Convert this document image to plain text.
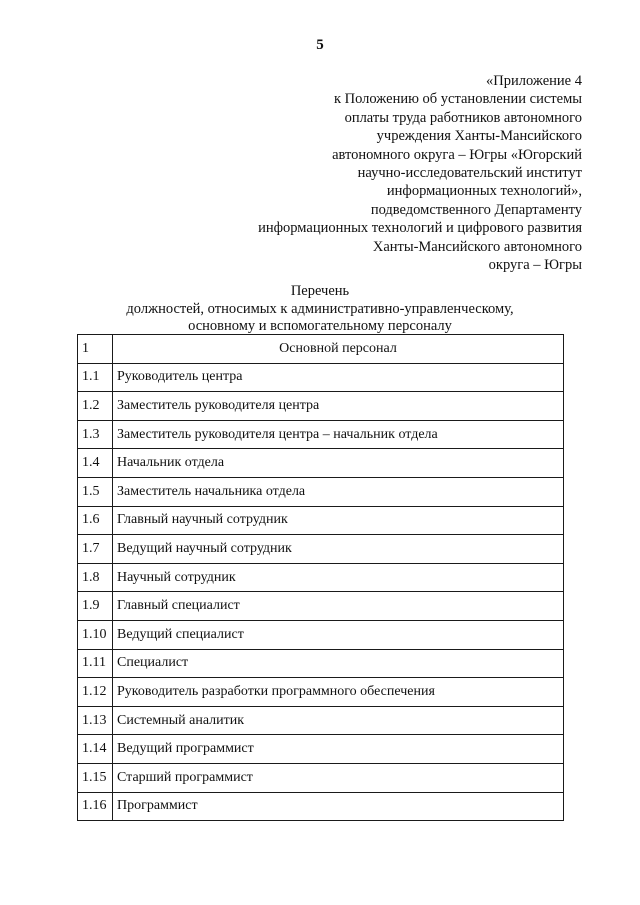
5
«Приложение 4
к Положению об установлении системы
оплаты труда работников автономного
учреждения Ханты-Мансийского
автономного округа – Югры «Югорский
научно-исследовательский институт
информационных технологий»,
подведомственного Департаменту
информационных технологий и цифрового развития
Ханты-Мансийского автономного
округа – Югры
Перечень
должностей, относимых к административно-управленческому,
основному и вспомогательному персоналу
1	Основной персонал
1.1	Руководитель центра
1.2	Заместитель руководителя центра
1.3	Заместитель руководителя центра – начальник отдела
1.4	Начальник отдела
1.5	Заместитель начальника отдела
1.6	Главный научный сотрудник
1.7	Ведущий научный сотрудник
1.8	Научный сотрудник
1.9	Главный специалист
1.10	Ведущий специалист
1.11	Специалист
1.12	Руководитель разработки программного обеспечения
1.13	Системный аналитик
1.14	Ведущий программист
1.15	Старший программист
1.16	Программист
